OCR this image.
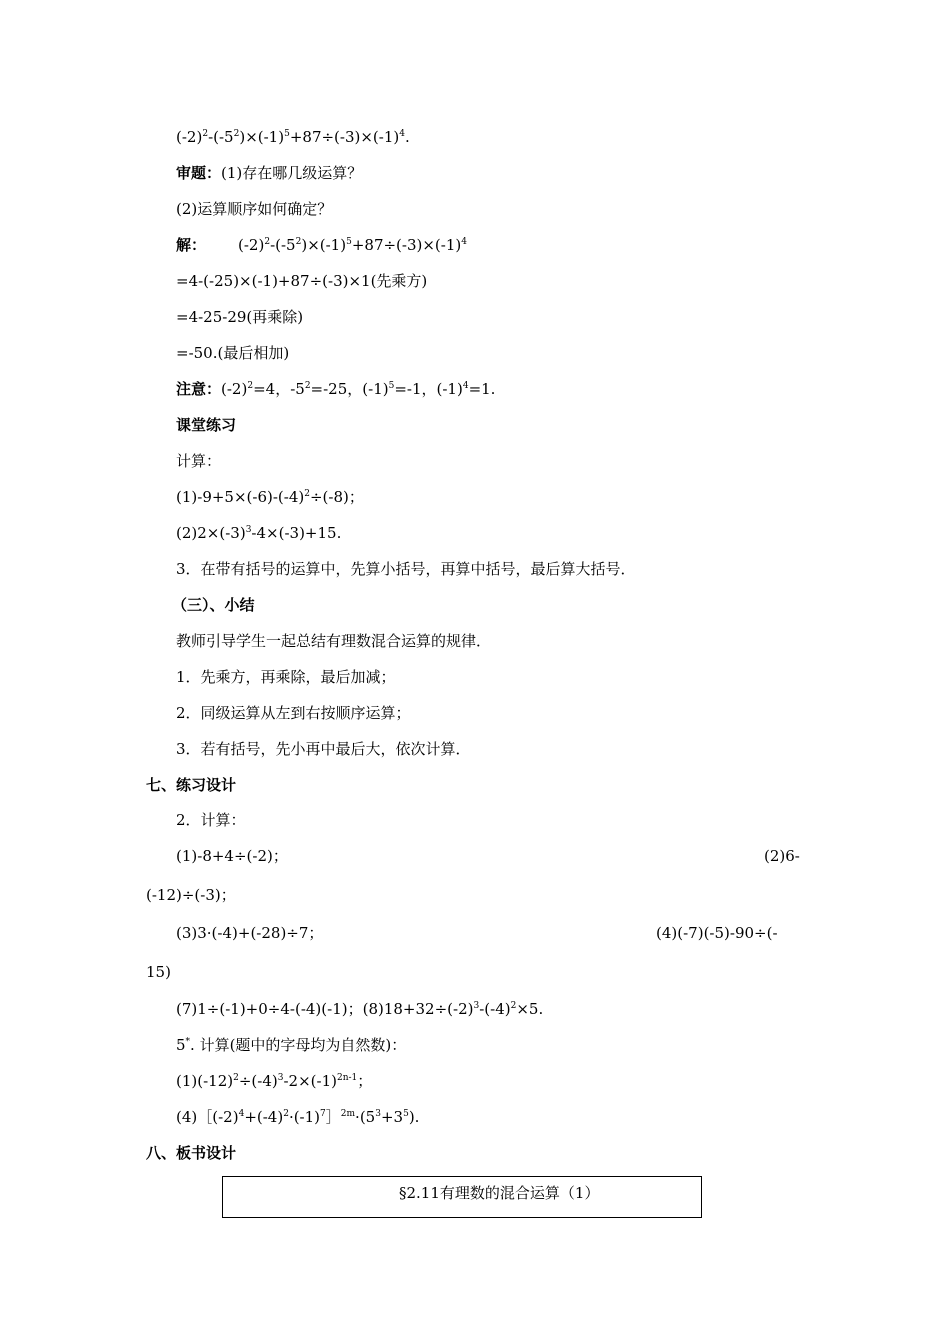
$(-2)^2-(-5^2)\times(-1)^5+87\div(-3)\times(-1)^4$.
审题：(1)存在哪几级运算？
(2)运算顺序如何确定？
解： $(-2)^2-(-5^2)\times(-1)^5+87\div(-3)\times(-1)^4$
=4-(-25)×(-1)+87÷(-3)×1(先乘方)
=4-25-29(再乘除)
=-50.(最后相加)
注意：$(-2)^2=4$，$-5^2=-25$，$(-1)^5=-1$，$(-1)^4=1$.
课堂练习
计算：
$(1)-9+5\times(-6)-(-4)^2\div(-8)$；
$(2)2\times(-3)^3-4\times(-3)+15$.
3．在带有括号的运算中，先算小括号，再算中括号，最后算大括号．
（三）、小结
教师引导学生一起总结有理数混合运算的规律．
1．先乘方，再乘除，最后加减；
2．同级运算从左到右按顺序运算；
3．若有括号，先小再中最后大，依次计算．
七、练习设计
2．计算：
(1)-8+4÷(-2)；	(2)6-
(-12)÷(-3)；
(3)3·(-4)+(-28)÷7；	(4)(-7)(-5)-90÷(-
15)
(7)1÷(-1)+0÷4-(-4)(-1)；$(8)18+32\div(-2)^3-(-4)^2\times 5$.
5*. 计算(题中的字母均为自然数)：
$(1)(-12)^2\div(-4)^3-2\times(-1)^{2n-1}$；
$(4)[(-2)^4+(-4)^2\cdot(-1)^7]^{2m}\cdot(5^3+3^5)$.
八、板书设计
§2.11有理数的混合运算（1）
